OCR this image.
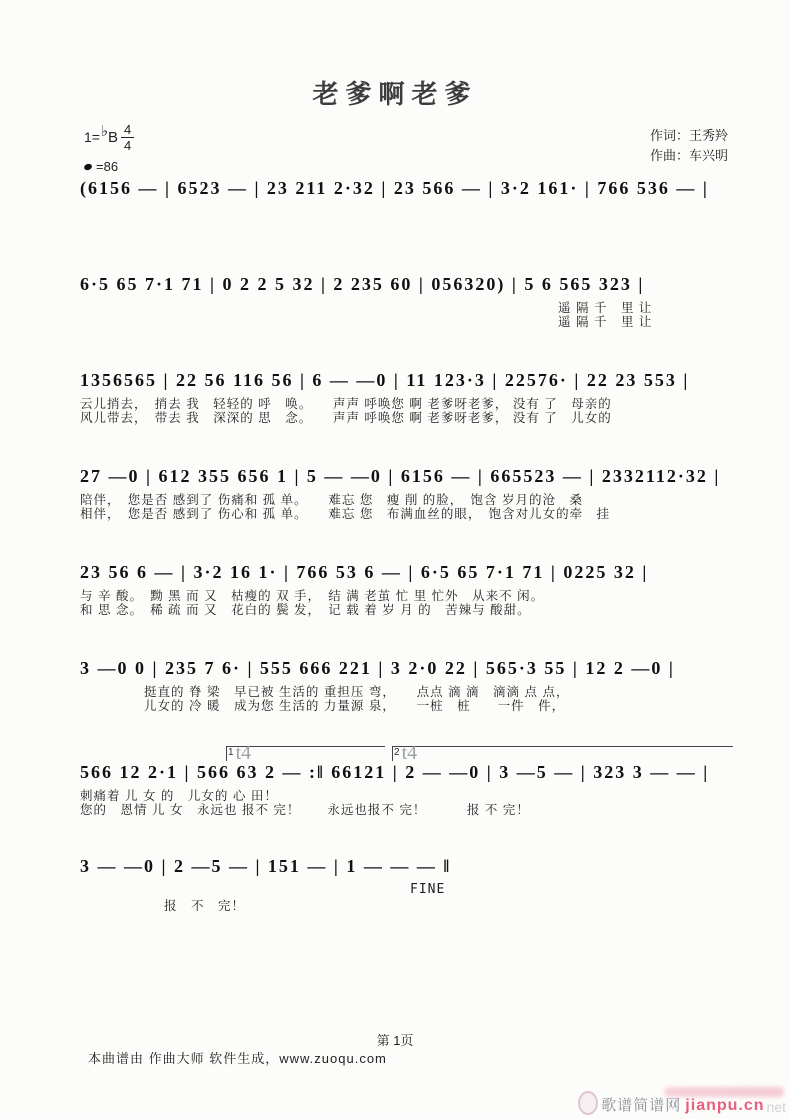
老爹啊老爹
1= ♭ B $\frac{4}{4}$
=86
作词：王秀羚
作曲：车兴明
(6156 — | 6523 — | 23 211 2·32 | 23 566 — | 3·2 161· | 766 536 — |
6·5 65 7·1 71 | 0 2 2 5 32 | 2 235 60 | 056320) | 5 6 565 323 |
遥 隔 千　里 让
遥 隔 千　里 让
1356565 | 22 56 116 56 | 6 — —0 | 11 123·3 | 22576· | 22 23 553 |
云儿捎去，　捎去 我　轻轻的 呼　唤。　　声声 呼唤您 啊 老爹呀老爹， 没有 了　母亲的
风儿带去，　带去 我　深深的 思　念。　　声声 呼唤您 啊 老爹呀老爹， 没有 了　儿女的
27 —0 | 612 355 656 1 | 5 — —0 | 6156 — | 665523 — | 2332112·32 |
陪伴，　您是否 感到了 伤痛和 孤 单。　　难忘 您　瘦 削 的脸，　饱含 岁月的沧　桑
相伴，　您是否 感到了 伤心和 孤 单。　　难忘 您　布满血丝的眼，　饱含对儿女的牵　挂
23 56 6 — | 3·2 16 1· | 766 53 6 — | 6·5 65 7·1 71 | 0225 32 |
与 辛 酸。　黝 黑 而 又　枯瘦的 双 手，　结 满 老茧 忙 里 忙外　从来不 闲。
和 思 念。　稀 疏 而 又　花白的 鬓 发，　记 载 着 岁 月 的　苦辣与 酸甜。
3 —0 0 | 235 7 6· | 555 666 221 | 3 2·0 22 | 565·3 55 | 12 2 —0 |
挺直的 脊 梁　早已被 生活的 重担压 弯，　　点点 滴 滴　滴滴 点 点，
儿女的 冷 暖　成为您 生活的 力量源 泉，　　一桩　桩　　一件　件，
$^1$ t4	$^2$ t4
566 12 2·1 | 566 63 2 — :‖ 66121 | 2 — —0 | 3 —5 — | 323 3 — — |
刺痛着 儿 女 的　儿女的 心 田！
您的　恩情 儿 女　永远也 报不 完！　　永远也报不 完！　　　报 不 完！
3 — —0 | 2 —5 — | 151 — | 1 — — — ‖
FINE
报　不　完！
第 1页
本曲谱由 作曲大师 软件生成，www.zuoqu.com
歌谱简谱网 jianpu.cn net
